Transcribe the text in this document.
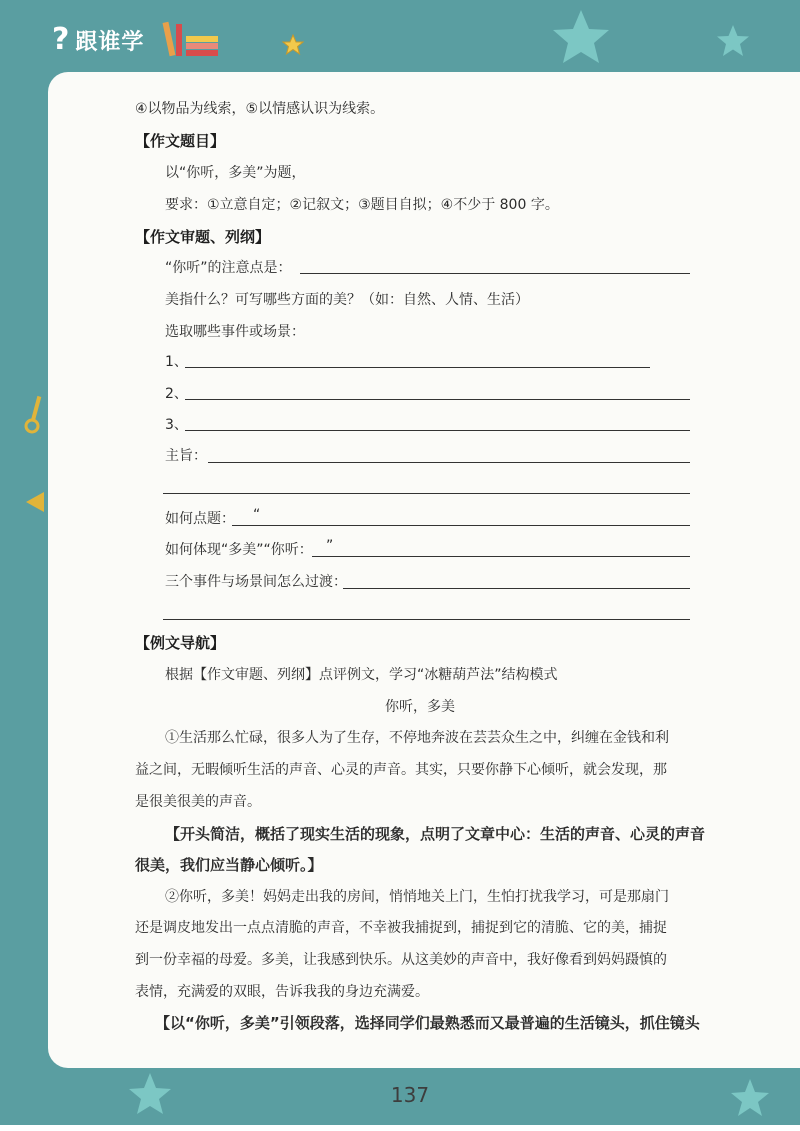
? 跟谁学
④以物品为线索，⑤以情感认识为线索。
【作文题目】
以“你听，多美”为题，
要求：①立意自定；②记叙文；③题目自拟；④不少于 800 字。
【作文审题、列纲】
“你听”的注意点是：
美指什么？可写哪些方面的美？（如：自然、人情、生活）
选取哪些事件或场景：
1、
2、
3、
主旨：
如何点题： “
如何体现“多美”“你听： ”
三个事件与场景间怎么过渡：
【例文导航】
根据【作文审题、列纲】点评例文，学习“冰糖葫芦法”结构模式
你听，多美
①生活那么忙碌，很多人为了生存，不停地奔波在芸芸众生之中，纠缠在金钱和利
益之间，无暇倾听生活的声音、心灵的声音。其实，只要你静下心倾听，就会发现，那
是很美很美的声音。
【开头简洁，概括了现实生活的现象，点明了文章中心：生活的声音、心灵的声音
很美，我们应当静心倾听。】
②你听，多美！妈妈走出我的房间，悄悄地关上门，生怕打扰我学习，可是那扇门
还是调皮地发出一点点清脆的声音，不幸被我捕捉到，捕捉到它的清脆、它的美，捕捉
到一份幸福的母爱。多美，让我感到快乐。从这美妙的声音中，我好像看到妈妈蹑慎的
表情，充满爱的双眼，告诉我我的身边充满爱。
【以“你听，多美”引领段落，选择同学们最熟悉而又最普遍的生活镜头，抓住镜头
137
